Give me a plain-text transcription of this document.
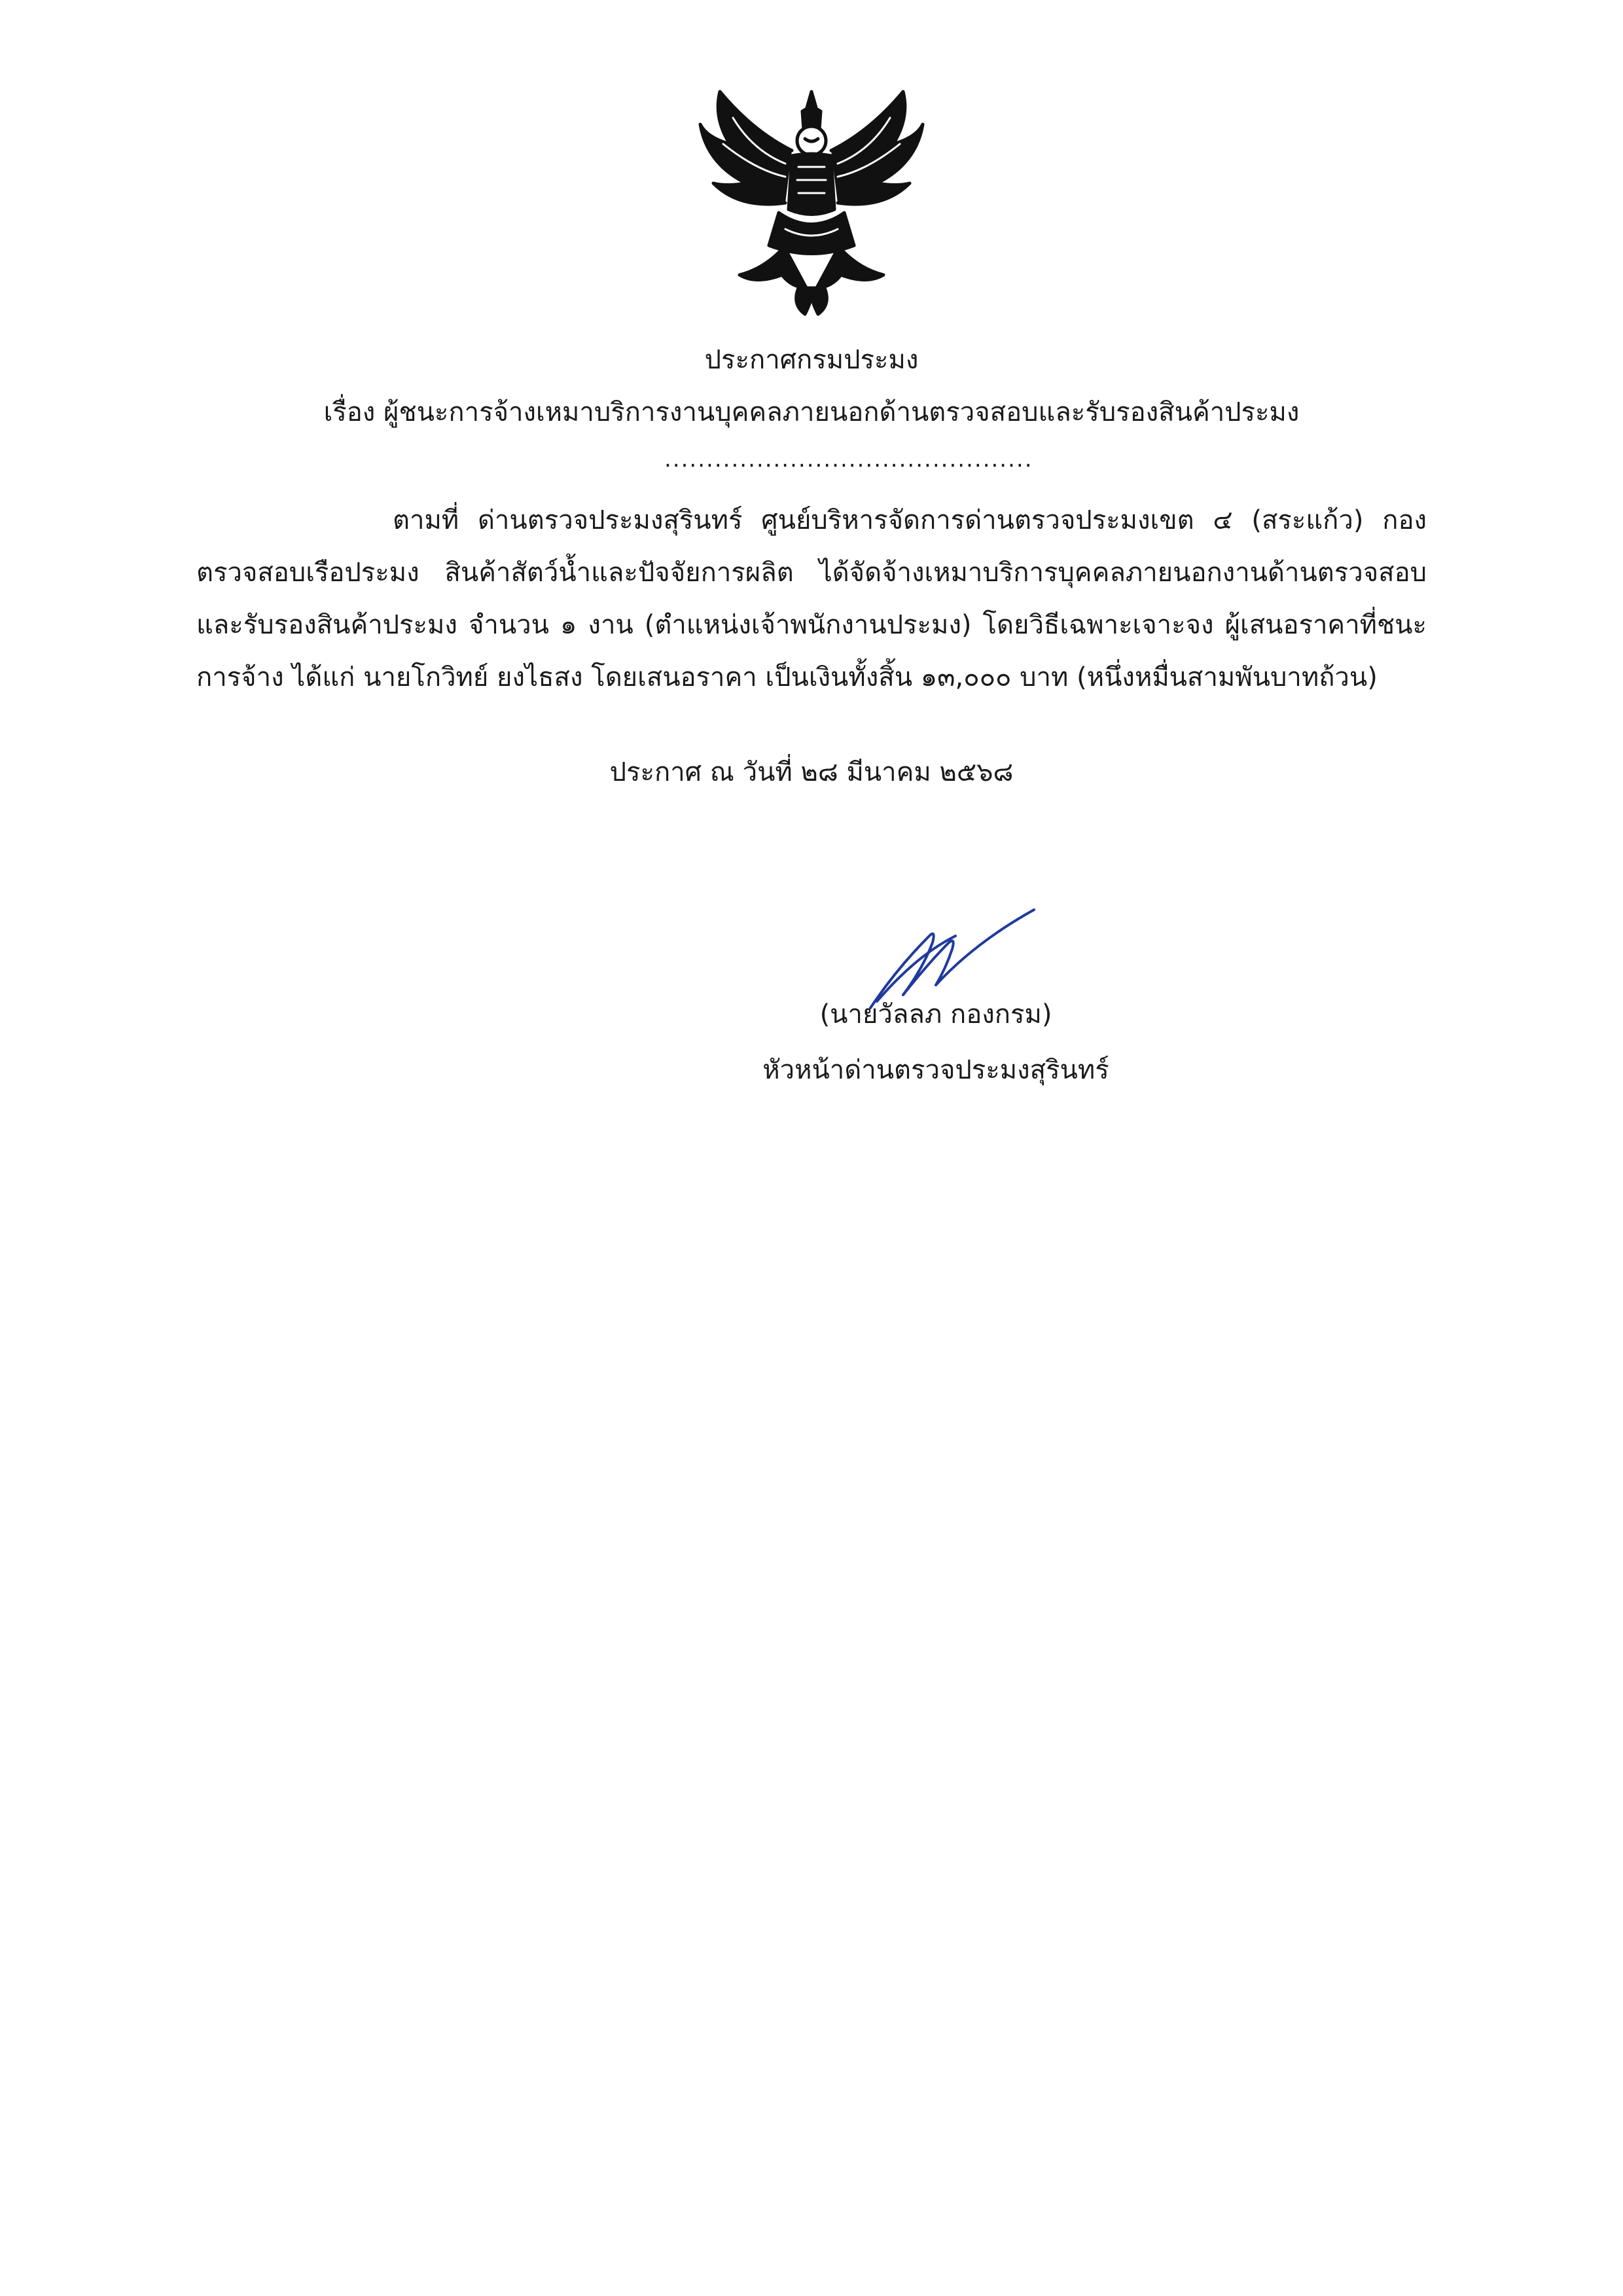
ประกาศกรมประมง
เรื่อง ผู้ชนะการจ้างเหมาบริการงานบุคคลภายนอกด้านตรวจสอบและรับรองสินค้าประมง
............................................
ตามที่ ด่านตรวจประมงสุรินทร์ ศูนย์บริหารจัดการด่านตรวจประมงเขต ๔ (สระแก้ว) กองตรวจสอบเรือประมง สินค้าสัตว์น้ำและปัจจัยการผลิต ได้จัดจ้างเหมาบริการบุคคลภายนอกงานด้านตรวจสอบและรับรองสินค้าประมง จำนวน ๑ งาน (ตำแหน่งเจ้าพนักงานประมง) โดยวิธีเฉพาะเจาะจง ผู้เสนอราคาที่ชนะการจ้าง ได้แก่ นายโกวิทย์ ยงไธสง โดยเสนอราคา เป็นเงินทั้งสิ้น ๑๓,๐๐๐ บาท (หนึ่งหมื่นสามพันบาทถ้วน)
ประกาศ ณ วันที่ ๒๘ มีนาคม ๒๕๖๘
(นายวัลลภ กองกรม)
หัวหน้าด่านตรวจประมงสุรินทร์
